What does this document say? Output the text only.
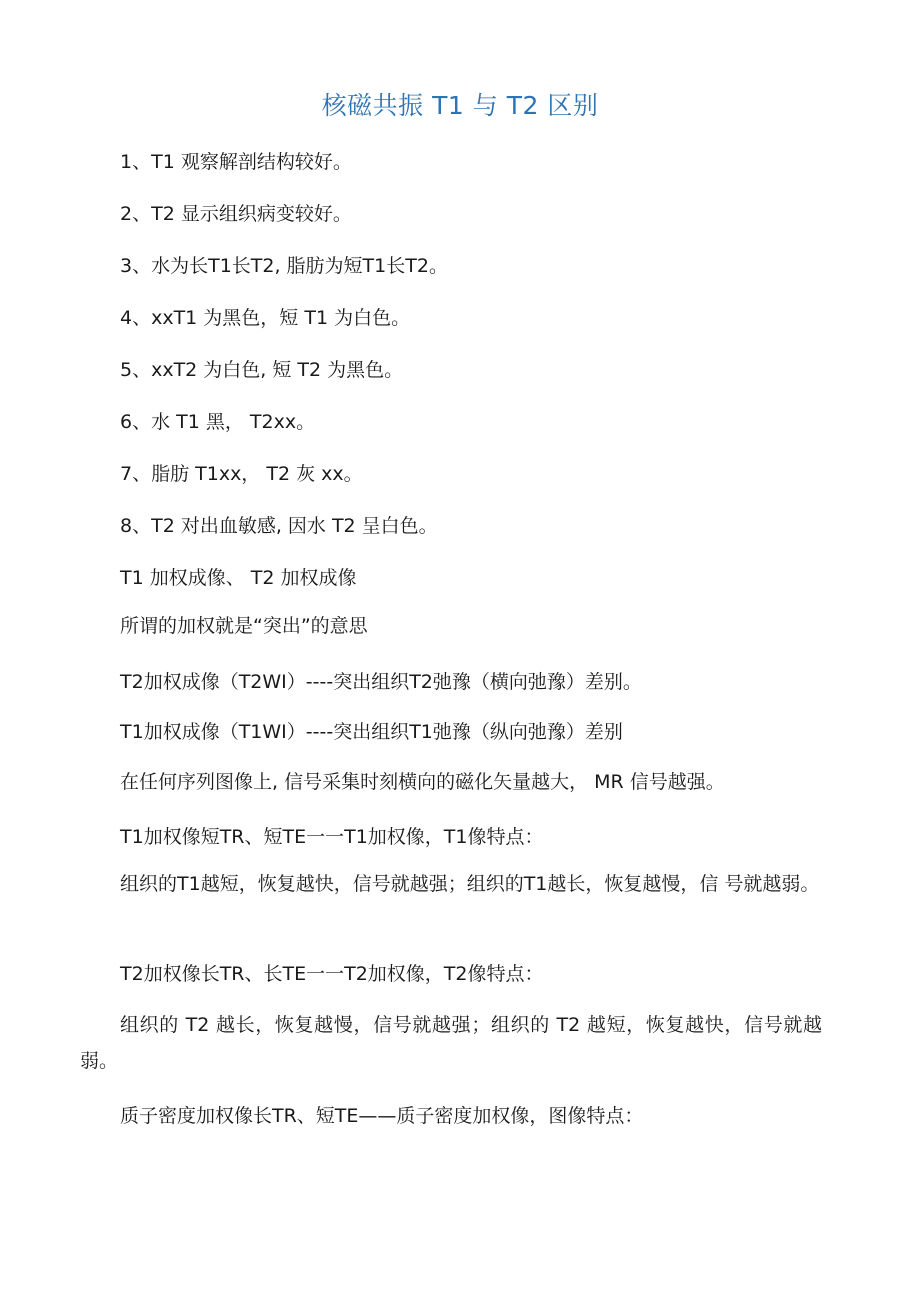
核磁共振 T1 与 T2 区别
1、T1 观察解剖结构较好。
2、T2 显示组织病变较好。
3、水为长T1长T2, 脂肪为短T1长T2。
4、xxT1 为黑色，短 T1 为白色。
5、xxT2 为白色, 短 T2 为黑色。
6、水 T1 黑， T2xx。
7、脂肪 T1xx， T2 灰 xx。
8、T2 对出血敏感, 因水 T2 呈白色。
T1 加权成像、 T2 加权成像
所谓的加权就是“突出”的意思
T2加权成像（T2WI）----突出组织T2弛豫（横向弛豫）差别。
T1加权成像（T1WI）----突出组织T1弛豫（纵向弛豫）差别
在任何序列图像上, 信号采集时刻横向的磁化矢量越大， MR 信号越强。
T1加权像短TR、短TE一一T1加权像，T1像特点：
组织的T1越短，恢复越快，信号就越强；组织的T1越长，恢复越慢，信 号就越弱。
T2加权像长TR、长TE一一T2加权像，T2像特点：
组织的 T2 越长，恢复越慢，信号就越强；组织的 T2 越短，恢复越快，信号就越弱。
质子密度加权像长TR、短TE——质子密度加权像，图像特点：
